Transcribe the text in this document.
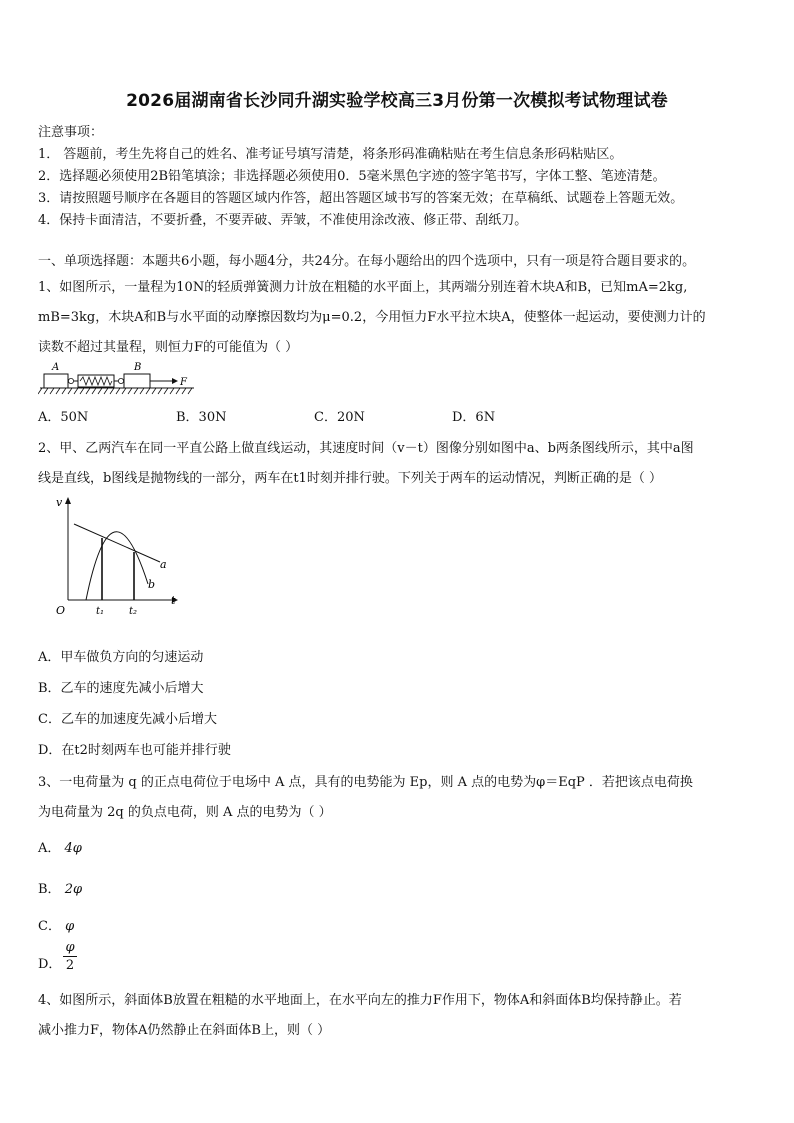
2026届湖南省长沙同升湖实验学校高三3月份第一次模拟考试物理试卷
注意事项：
1． 答题前，考生先将自己的姓名、准考证号填写清楚，将条形码准确粘贴在考生信息条形码粘贴区。
2．选择题必须使用2B铅笔填涂；非选择题必须使用0．5毫米黑色字迹的签字笔书写，字体工整、笔迹清楚。
3．请按照题号顺序在各题目的答题区域内作答，超出答题区域书写的答案无效；在草稿纸、试题卷上答题无效。
4．保持卡面清洁，不要折叠，不要弄破、弄皱，不准使用涂改液、修正带、刮纸刀。
一、单项选择题：本题共6小题，每小题4分，共24分。在每小题给出的四个选项中，只有一项是符合题目要求的。
1、如图所示，一量程为10N的轻质弹簧测力计放在粗糙的水平面上，其两端分别连着木块A和B，已知mA=2kg,
mB=3kg，木块A和B与水平面的动摩擦因数均为μ=0.2，今用恒力F水平拉木块A，使整体一起运动，要使测力计的
读数不超过其量程，则恒力F的可能值为（ ）
A	B
F
A．50N	B．30N	C．20N	D．6N
2、甲、乙两汽车在同一平直公路上做直线运动，其速度时间（v－t）图像分别如图中a、b两条图线所示，其中a图
线是直线，b图线是抛物线的一部分，两车在t1时刻并排行驶。下列关于两车的运动情况，判断正确的是（ ）
v
t
O
a
b
t₁ t₂
A．甲车做负方向的匀速运动
B．乙车的速度先减小后增大
C．乙车的加速度先减小后增大
D．在t2时刻两车也可能并排行驶
3、一电荷量为 q 的正点电荷位于电场中 A 点，具有的电势能为 Ep，则 A 点的电势为φ＝EqP ．若把该点电荷换
为电荷量为 2q 的负点电荷，则 A 点的电势为（ ）
A． 4φ
B． 2φ
C． φ
D．
φ
2
4、如图所示，斜面体B放置在粗糙的水平地面上，在水平向左的推力F作用下，物体A和斜面体B均保持静止。若
减小推力F，物体A仍然静止在斜面体B上，则（ ）
